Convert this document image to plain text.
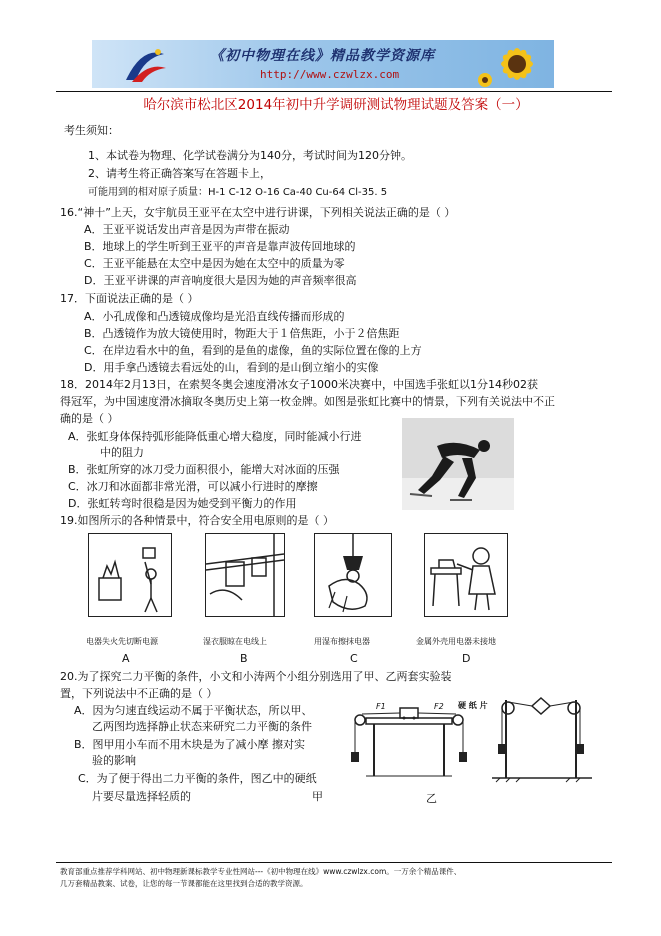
《初中物理在线》精品教学资源库
http://www.czwlzx.com
哈尔滨市松北区2014年初中升学调研测试物理试题及答案（一）
考生须知：
1、本试卷为物理、化学试卷满分为140分，考试时间为120分钟。
2、请考生将正确答案写在答题卡上，
可能用到的相对原子质量：H-1 C-12 O-16 Ca-40 Cu-64 Cl-35. 5
16.“神十”上天，女宇航员王亚平在太空中进行讲课，下列相关说法正确的是（ ）
A．王亚平说话发出声音是因为声带在振动
B．地球上的学生听到王亚平的声音是靠声波传回地球的
C．王亚平能悬在太空中是因为她在太空中的质量为零
D．王亚平讲课的声音响度很大是因为她的声音频率很高
17．下面说法正确的是（ ）
A．小孔成像和凸透镜成像均是光沿直线传播而形成的
B．凸透镜作为放大镜使用时，物距大于１倍焦距，小于２倍焦距
C．在岸边看水中的鱼，看到的是鱼的虚像，鱼的实际位置在像的上方
D．用手拿凸透镜去看远处的山，看到的是山倒立缩小的实像
18．2014年2月13日，在索契冬奥会速度滑冰女子1000米决赛中，中国选手张虹以1分14秒02获
得冠军，为中国速度滑冰摘取冬奥历史上第一枚金牌。如图是张虹比赛中的情景，下列有关说法中不正
确的是（ ）
A．张虹身体保持弧形能降低重心增大稳度，同时能减小行进
中的阻力
B．张虹所穿的冰刀受力面积很小，能增大对冰面的压强
C．冰刀和冰面都非常光滑，可以减小行进时的摩擦
D．张虹转弯时很稳是因为她受到平衡力的作用
19.如图所示的各种情景中，符合安全用电原则的是（ ）
电器失火先切断电源	湿衣服晾在电线上	用湿布擦抹电器	金属外壳用电器未接地
A	B	C	D
20.为了探究二力平衡的条件，小文和小涛两个小组分别选用了甲、乙两套实验装
置，下列说法中不正确的是（ ）
A．因为匀速直线运动不属于平衡状态，所以甲、
乙两图均选择静止状态来研究二力平衡的条件
B．图甲用小车而不用木块是为了减小摩 擦对实
验的影响
C．为了便于得出二力平衡的条件，图乙中的硬纸
片要尽量选择轻质的
F1	F2 硬 纸 片
甲	乙
教育部重点推荐学科网站、初中物理新课标教学专业性网站---《初中物理在线》www.czwlzx.com。一万余个精品课件、
几万套精品教案、试卷，让您的每一节课都能在这里找到合适的教学资源。
